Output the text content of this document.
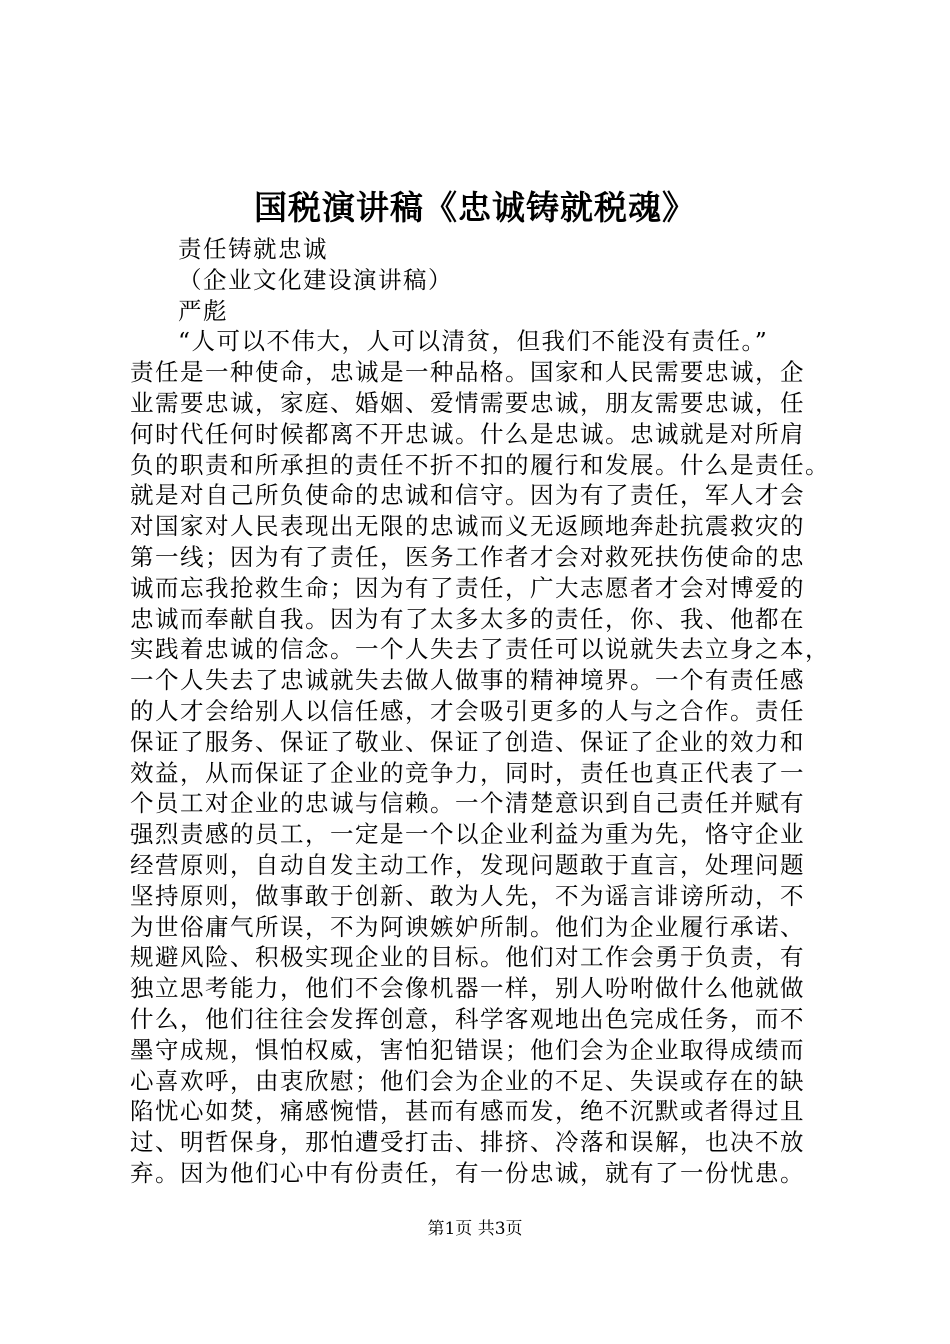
国税演讲稿《忠诚铸就税魂》
责任铸就忠诚
（企业文化建设演讲稿）
严彪
“人可以不伟大，人可以清贫，但我们不能没有责任。”
责任是一种使命，忠诚是一种品格。国家和人民需要忠诚，企
业需要忠诚，家庭、婚姻、爱情需要忠诚，朋友需要忠诚，任
何时代任何时候都离不开忠诚。什么是忠诚。忠诚就是对所肩
负的职责和所承担的责任不折不扣的履行和发展。什么是责任。
就是对自己所负使命的忠诚和信守。因为有了责任，军人才会
对国家对人民表现出无限的忠诚而义无返顾地奔赴抗震救灾的
第一线；因为有了责任，医务工作者才会对救死扶伤使命的忠
诚而忘我抢救生命；因为有了责任，广大志愿者才会对博爱的
忠诚而奉献自我。因为有了太多太多的责任，你、我、他都在
实践着忠诚的信念。一个人失去了责任可以说就失去立身之本，
一个人失去了忠诚就失去做人做事的精神境界。一个有责任感
的人才会给别人以信任感，才会吸引更多的人与之合作。责任
保证了服务、保证了敬业、保证了创造、保证了企业的效力和
效益，从而保证了企业的竞争力，同时，责任也真正代表了一
个员工对企业的忠诚与信赖。一个清楚意识到自己责任并赋有
强烈责感的员工，一定是一个以企业利益为重为先，恪守企业
经营原则，自动自发主动工作，发现问题敢于直言，处理问题
坚持原则，做事敢于创新、敢为人先，不为谣言诽谤所动，不
为世俗庸气所误，不为阿谀嫉妒所制。他们为企业履行承诺、
规避风险、积极实现企业的目标。他们对工作会勇于负责，有
独立思考能力，他们不会像机器一样，别人吩咐做什么他就做
什么，他们往往会发挥创意，科学客观地出色完成任务，而不
墨守成规，惧怕权威，害怕犯错误；他们会为企业取得成绩而
心喜欢呼，由衷欣慰；他们会为企业的不足、失误或存在的缺
陷忧心如焚，痛感惋惜，甚而有感而发，绝不沉默或者得过且
过、明哲保身，那怕遭受打击、排挤、冷落和误解，也决不放
弃。因为他们心中有份责任，有一份忠诚，就有了一份忧患。
第1页 共3页
